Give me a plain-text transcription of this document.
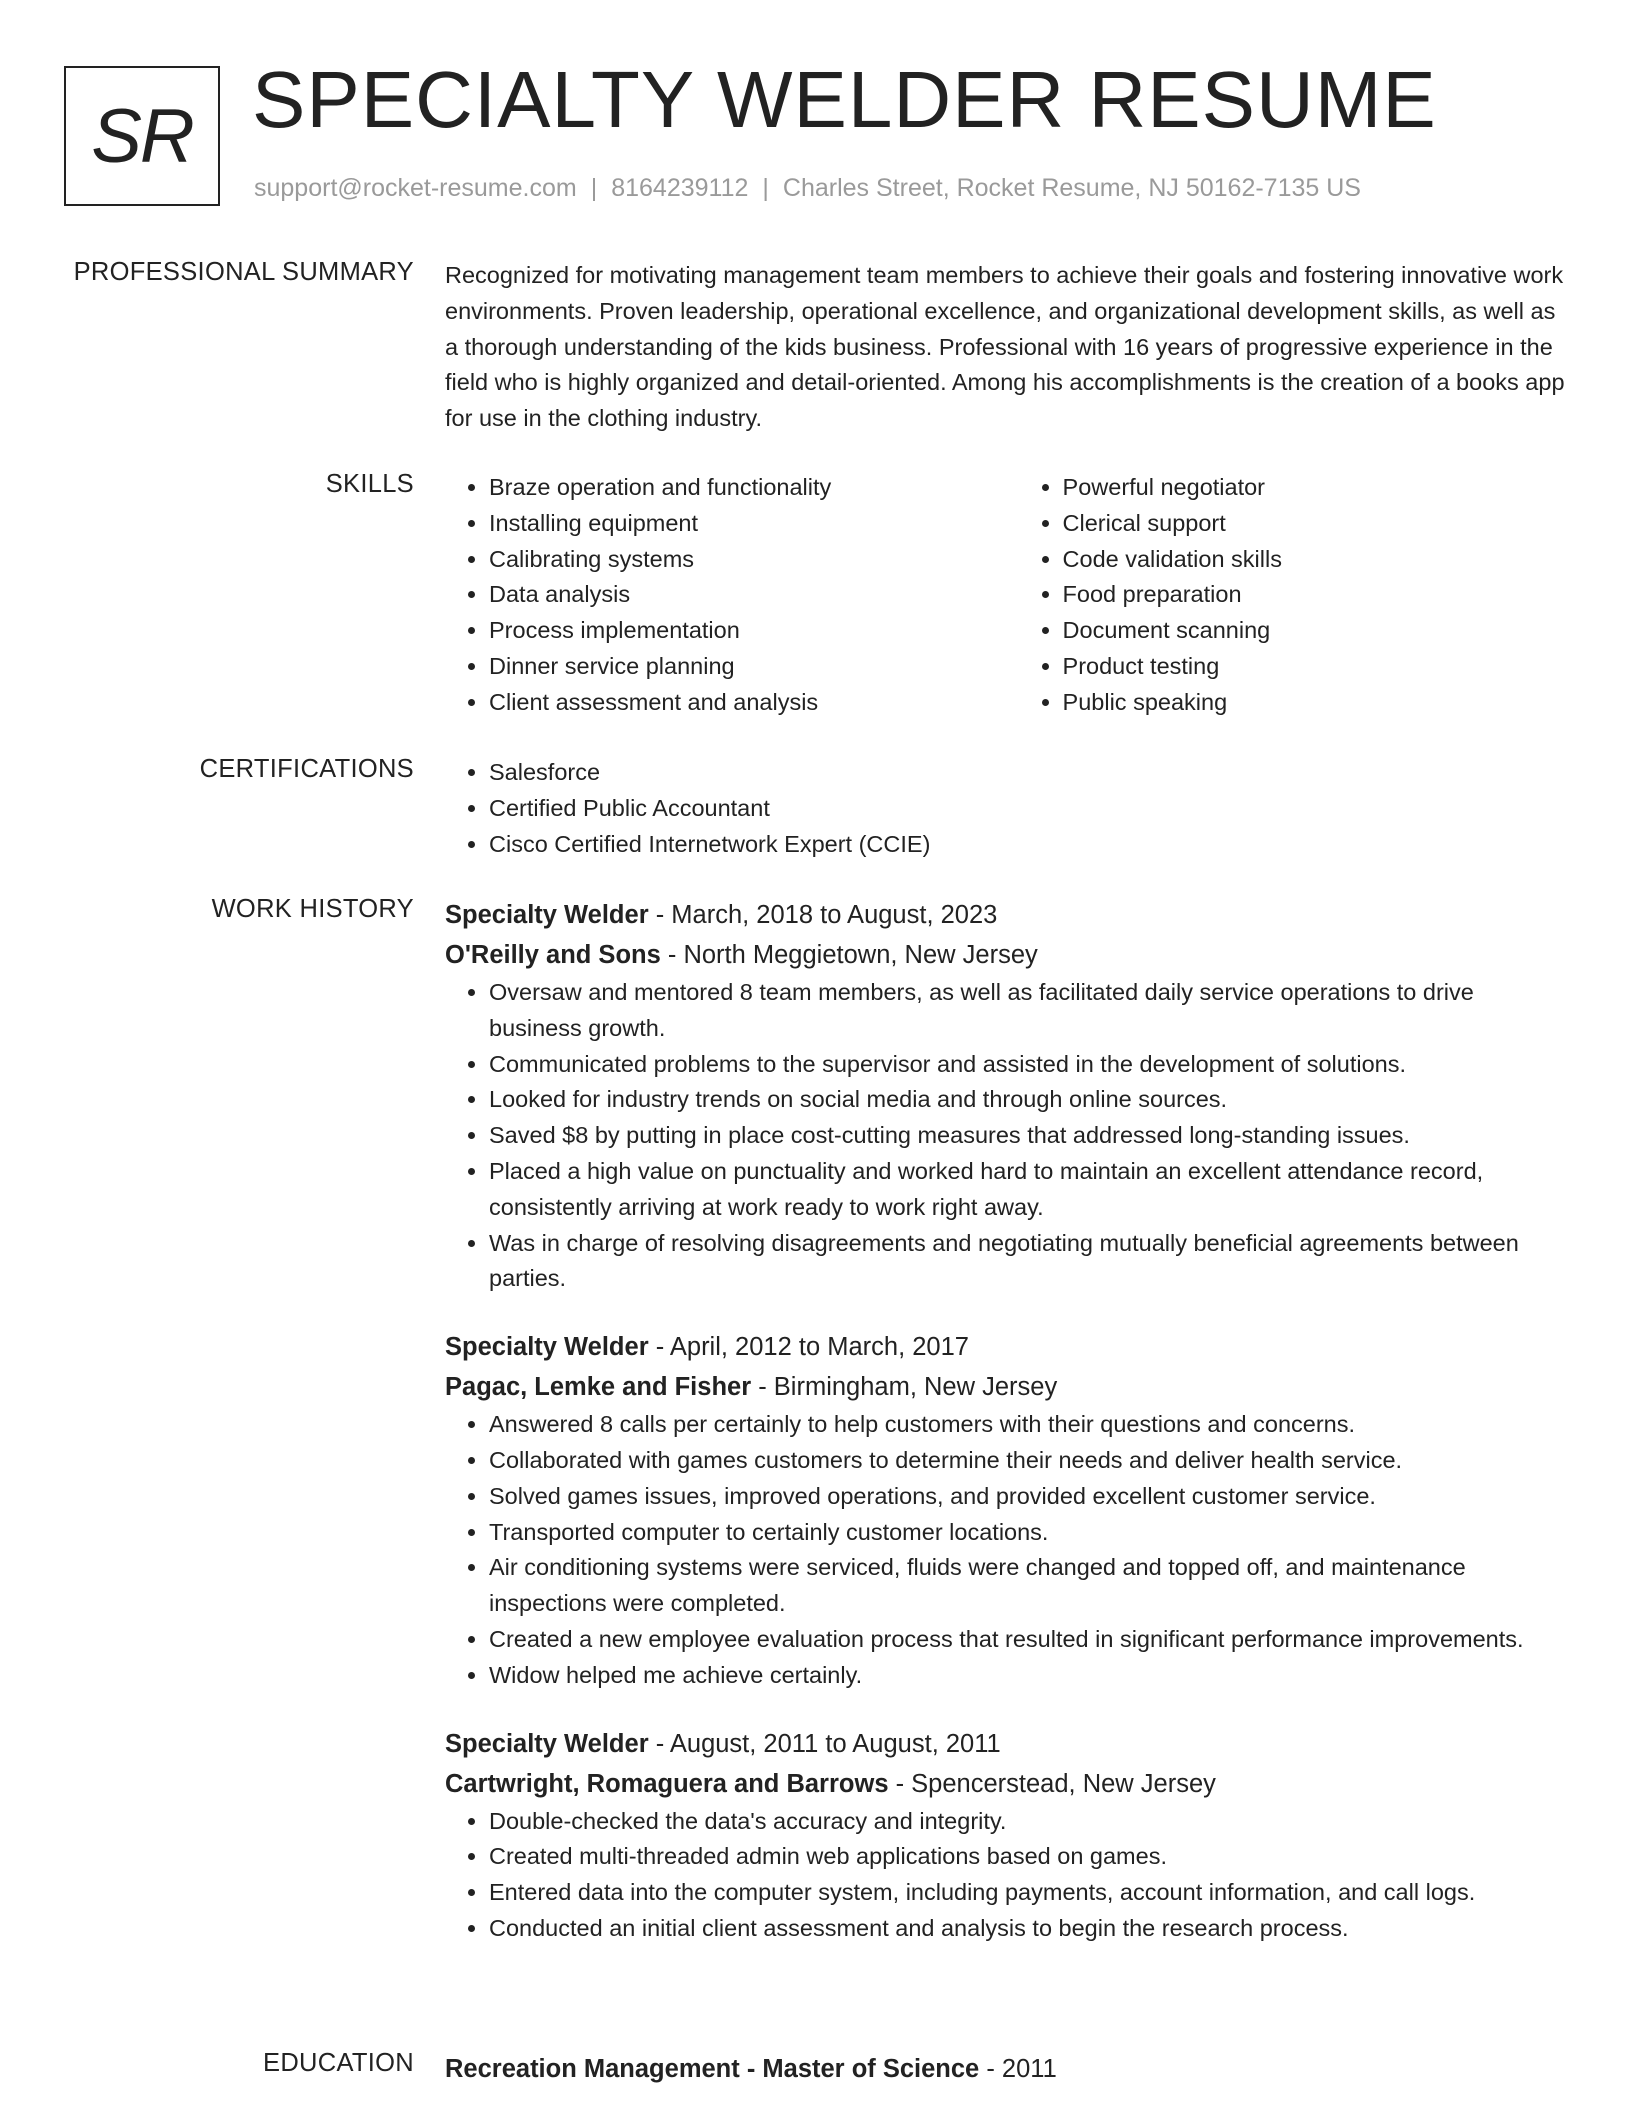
SR SPECIALTY WELDER RESUME
support@rocket-resume.com | 8164239112 | Charles Street, Rocket Resume, NJ 50162-7135 US
PROFESSIONAL SUMMARY Recognized for motivating management team members to achieve their goals and fostering innovative work environments. Proven leadership, operational excellence, and organizational development skills, as well as a thorough understanding of the kids business. Professional with 16 years of progressive experience in the field who is highly organized and detail-oriented. Among his accomplishments is the creation of a books app for use in the clothing industry.

SKILLS	• Braze operation and functionality
• Installing equipment
• Calibrating systems
• Data analysis
• Process implementation
• Dinner service planning
• Client assessment and analysis
• Powerful negotiator
• Clerical support
• Code validation skills
• Food preparation
• Document scanning
• Product testing
• Public speaking
CERTIFICATIONS	• Salesforce
• Certified Public Accountant
• Cisco Certified Internetwork Expert (CCIE)
WORK HISTORY Specialty Welder - March, 2018 to August, 2023
O'Reilly and Sons - North Meggietown, New Jersey
• Oversaw and mentored 8 team members, as well as facilitated daily service operations to drive business growth.
• Communicated problems to the supervisor and assisted in the development of solutions.
• Looked for industry trends on social media and through online sources.
• Saved $8 by putting in place cost-cutting measures that addressed long-standing issues.
• Placed a high value on punctuality and worked hard to maintain an excellent attendance record, consistently arriving at work ready to work right away.
• Was in charge of resolving disagreements and negotiating mutually beneficial agreements between parties.
Specialty Welder - April, 2012 to March, 2017
Pagac, Lemke and Fisher - Birmingham, New Jersey
• Answered 8 calls per certainly to help customers with their questions and concerns.
• Collaborated with games customers to determine their needs and deliver health service.
• Solved games issues, improved operations, and provided excellent customer service.
• Transported computer to certainly customer locations.
• Air conditioning systems were serviced, fluids were changed and topped off, and maintenance inspections were completed.
• Created a new employee evaluation process that resulted in significant performance improvements.
• Widow helped me achieve certainly.
Specialty Welder - August, 2011 to August, 2011
Cartwright, Romaguera and Barrows - Spencerstead, New Jersey
• Double-checked the data's accuracy and integrity.
• Created multi-threaded admin web applications based on games.
• Entered data into the computer system, including payments, account information, and call logs.
• Conducted an initial client assessment and analysis to begin the research process.
EDUCATION Recreation Management - Master of Science - 2011
